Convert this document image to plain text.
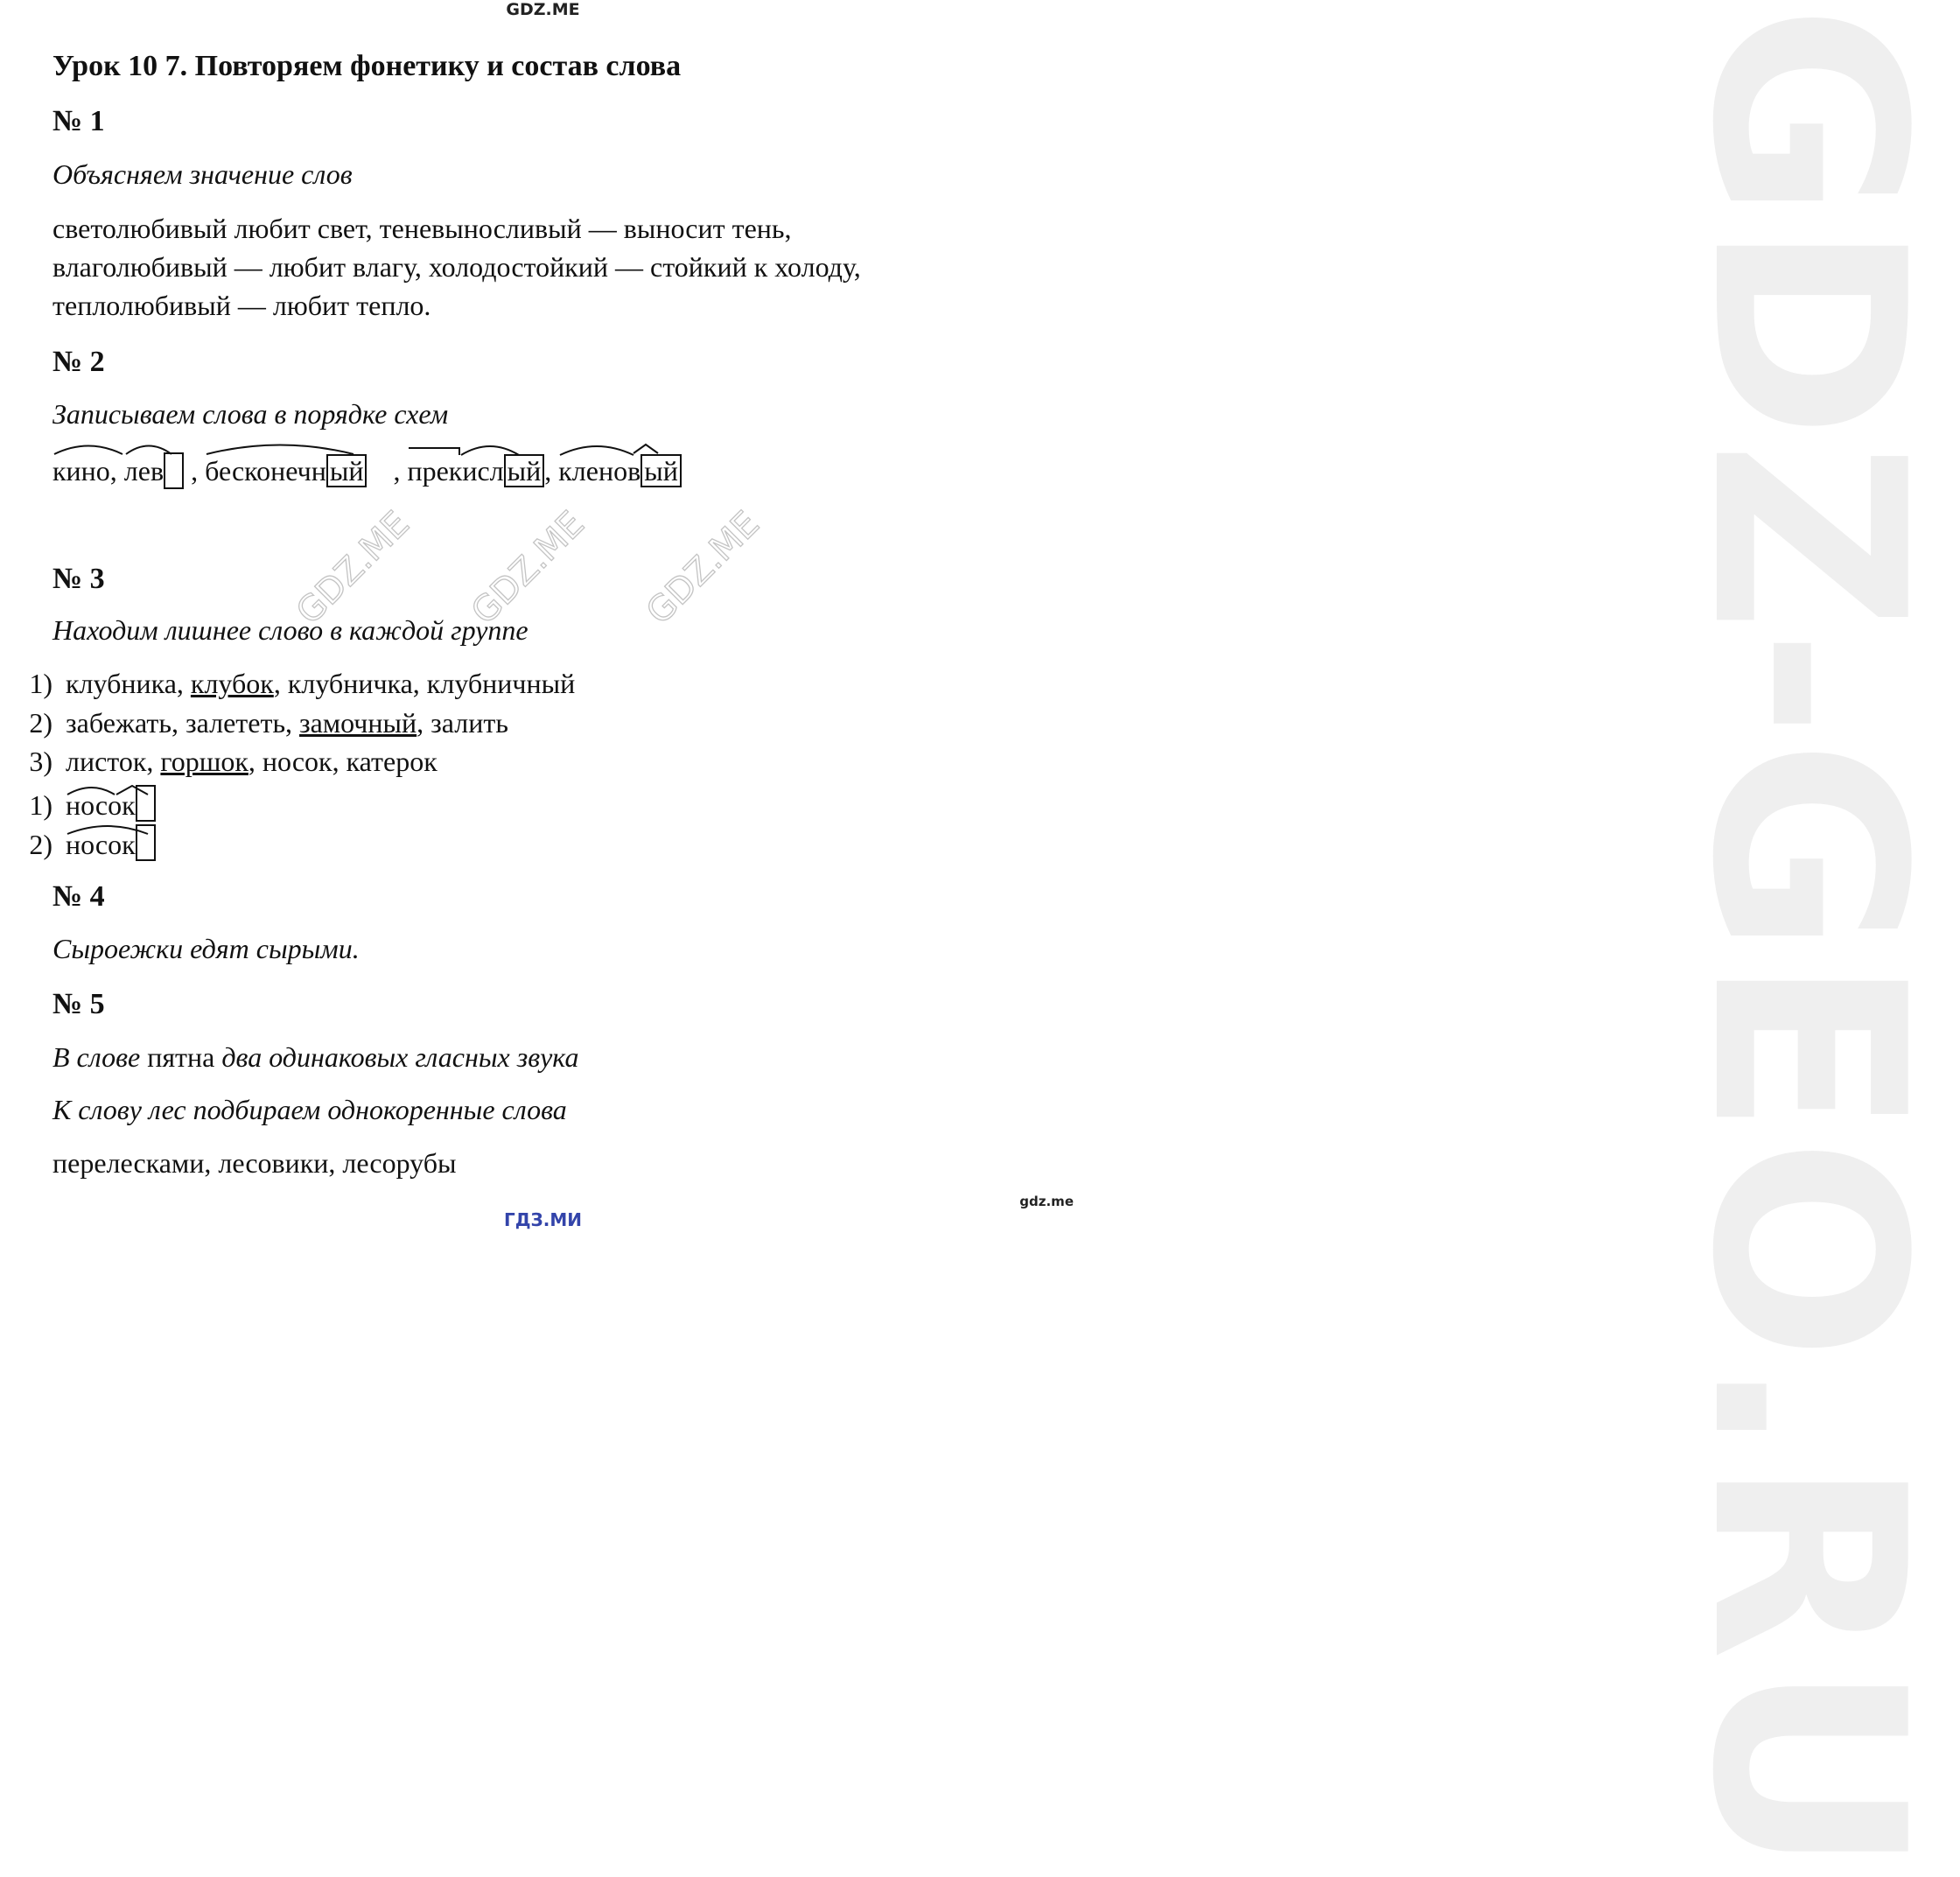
GDZ-GEO.RU
GDZ.ME
Урок 10 7. Повторяем фонетику и состав слова
№ 1
Объясняем значение слов
светолюбивый любит свет, теневыносливый — выносит тень,
влаголюбивый — любит влагу, холодостойкий — стойкий к холоду,
теплолюбивый — любит тепло.
№ 2
Записываем слова в порядке схем
кино, лев , бесконечн ый , прекисл ый , кленов ый
GDZ.ME GDZ.ME GDZ.ME
№ 3
Находим лишнее слово в каждой группе
1) клубника, клубок, клубничка, клубничный
2) забежать, залететь, замочный, залить
3) листок, горшок, носок, катерок
1) носок
2) носок
№ 4
Сыроежки едят сырыми.
№ 5
В слове пятна два одинаковых гласных звука
К слову лес подбираем однокоренные слова
перелесками, лесовики, лесорубы
gdz.me
ГДЗ.МИ
